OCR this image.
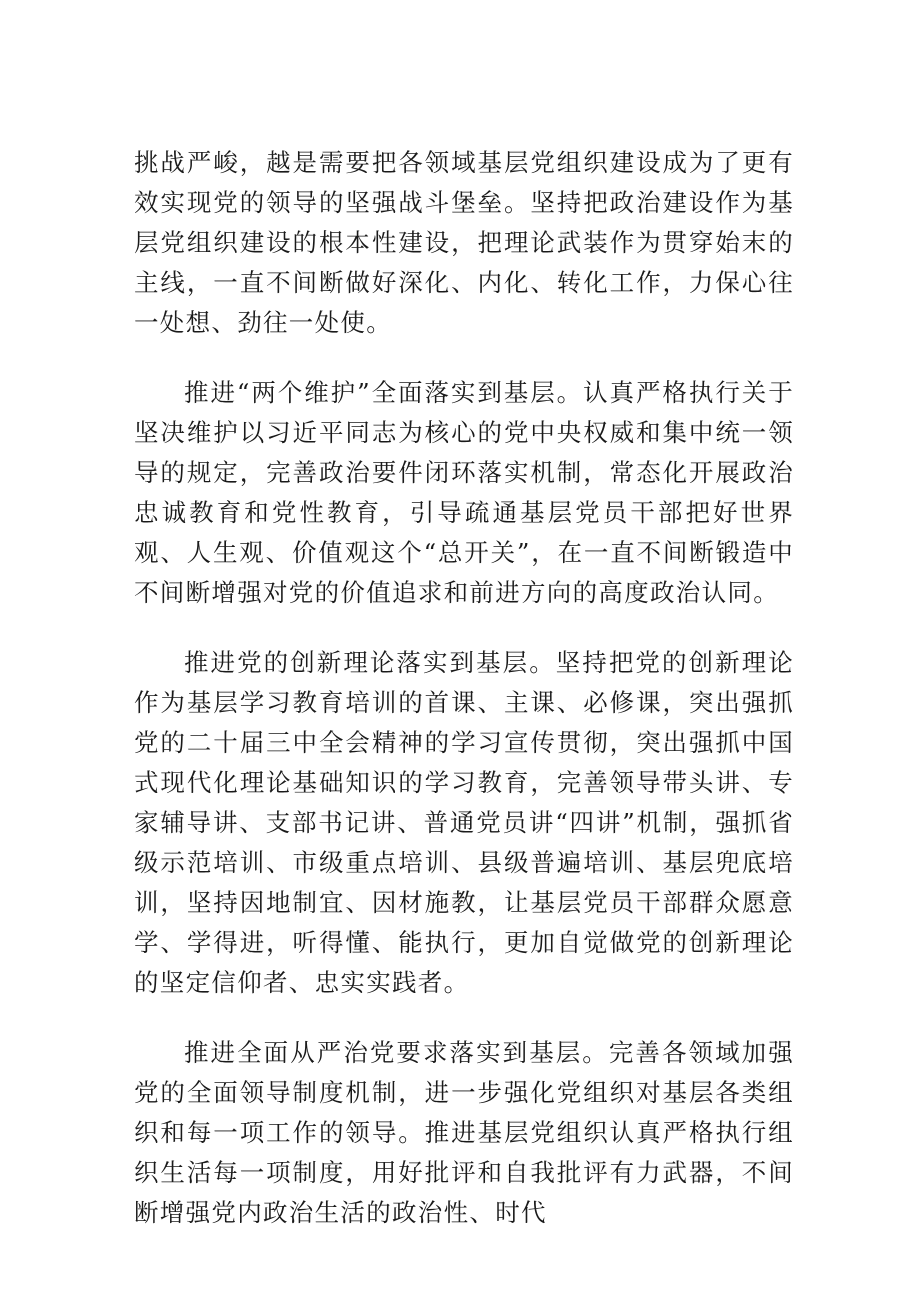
挑战严峻，越是需要把各领域基层党组织建设成为了更有效实现党的领导的坚强战斗堡垒。坚持把政治建设作为基层党组织建设的根本性建设，把理论武装作为贯穿始末的主线，一直不间断做好深化、内化、转化工作，力保心往一处想、劲往一处使。

推进“两个维护”全面落实到基层。认真严格执行关于坚决维护以习近平同志为核心的党中央权威和集中统一领导的规定，完善政治要件闭环落实机制，常态化开展政治忠诚教育和党性教育，引导疏通基层党员干部把好世界观、人生观、价值观这个“总开关”，在一直不间断锻造中不间断增强对党的价值追求和前进方向的高度政治认同。

推进党的创新理论落实到基层。坚持把党的创新理论作为基层学习教育培训的首课、主课、必修课，突出强抓党的二十届三中全会精神的学习宣传贯彻，突出强抓中国式现代化理论基础知识的学习教育，完善领导带头讲、专家辅导讲、支部书记讲、普通党员讲“四讲”机制，强抓省级示范培训、市级重点培训、县级普遍培训、基层兜底培训，坚持因地制宜、因材施教，让基层党员干部群众愿意学、学得进，听得懂、能执行，更加自觉做党的创新理论的坚定信仰者、忠实实践者。

推进全面从严治党要求落实到基层。完善各领域加强党的全面领导制度机制，进一步强化党组织对基层各类组织和每一项工作的领导。推进基层党组织认真严格执行组织生活每一项制度，用好批评和自我批评有力武器，不间断增强党内政治生活的政治性、时代
